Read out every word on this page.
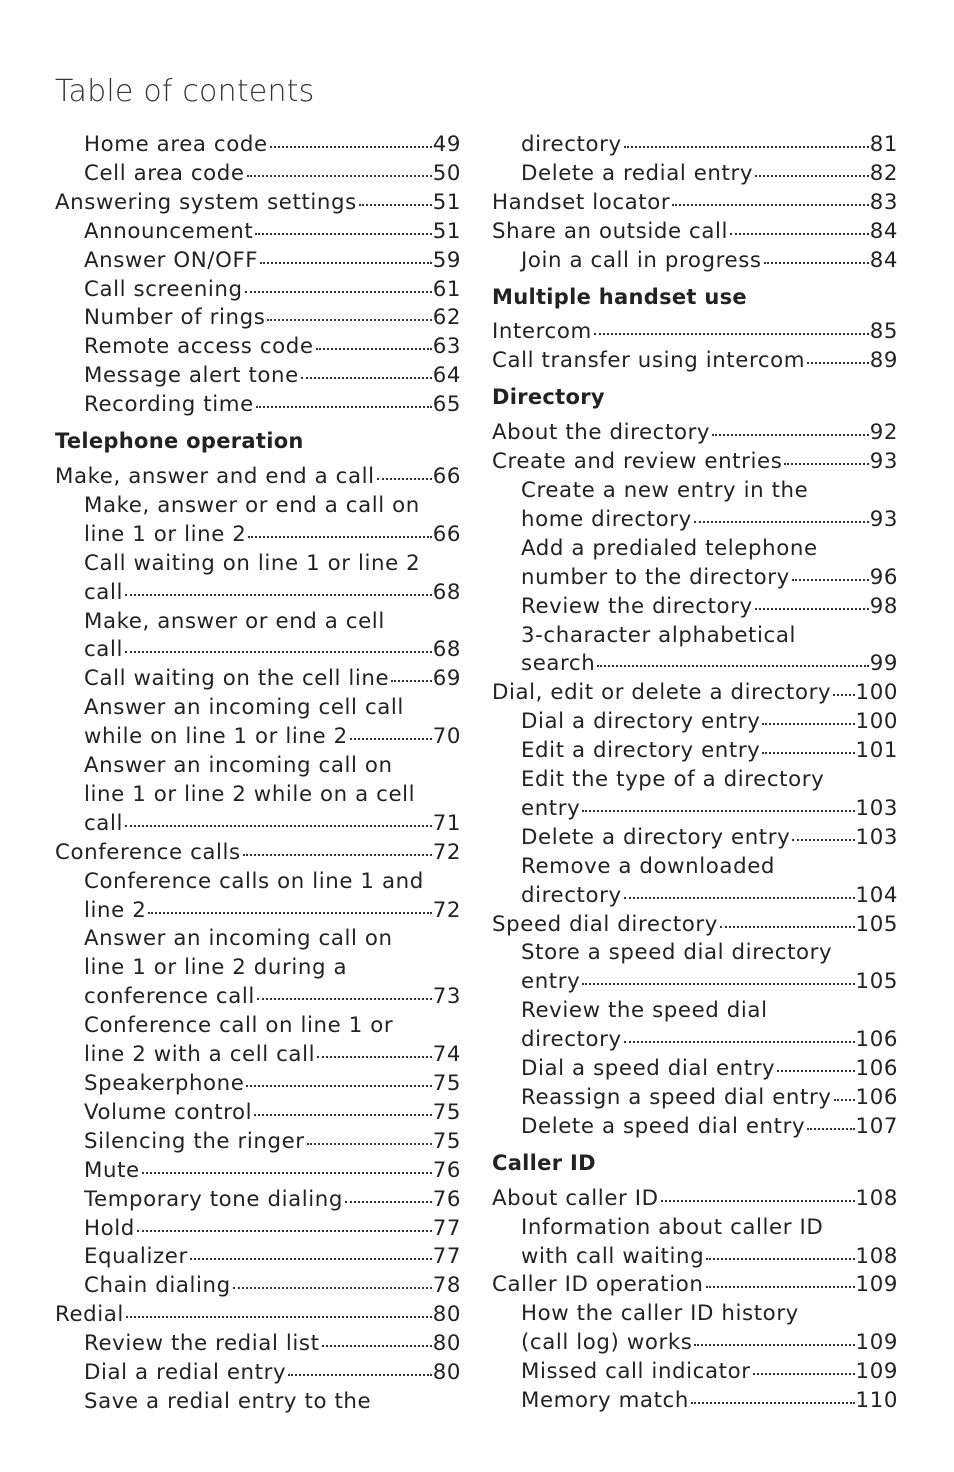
Table of contents
Home area code	49
Cell area code	50
Answering system settings	51
Announcement	51
Answer ON/OFF	59
Call screening	61
Number of rings	62
Remote access code	63
Message alert tone	64
Recording time	65
Telephone operation
Make, answer and end a call	66
Make, answer or end a call on
line 1 or line 2	66
Call waiting on line 1 or line 2
call	68
Make, answer or end a cell
call	68
Call waiting on the cell line 69
Answer an incoming cell call
while on line 1 or line 2	70
Answer an incoming call on
line 1 or line 2 while on a cell
call	71
Conference calls	72
Conference calls on line 1 and
line 2	72
Answer an incoming call on
line 1 or line 2 during a
conference call	73
Conference call on line 1 or
line 2 with a cell call	74
Speakerphone	75
Volume control	75
Silencing the ringer	75
Mute	76
Temporary tone dialing	76
Hold	77
Equalizer	77
Chain dialing	78
Redial	80
Review the redial list	80
Dial a redial entry	80
Save a redial entry to the
directory	81
Delete a redial entry	82
Handset locator	83
Share an outside call	84
Join a call in progress	84
Multiple handset use
Intercom	85
Call transfer using intercom	89
Directory
About the directory	92
Create and review entries	93
Create a new entry in the
home directory	93
Add a predialed telephone
number to the directory	96
Review the directory	98
3-character alphabetical
search	99
Dial, edit or delete a directory 100
Dial a directory entry	100
Edit a directory entry	101
Edit the type of a directory
entry	103
Delete a directory entry	103
Remove a downloaded
directory	104
Speed dial directory	105
Store a speed dial directory
entry	105
Review the speed dial
directory	106
Dial a speed dial entry	106
Reassign a speed dial entry 106
Delete a speed dial entry 107
Caller ID
About caller ID	108
Information about caller ID
with call waiting	108
Caller ID operation	109
How the caller ID history
(call log) works	109
Missed call indicator	109
Memory match	110
